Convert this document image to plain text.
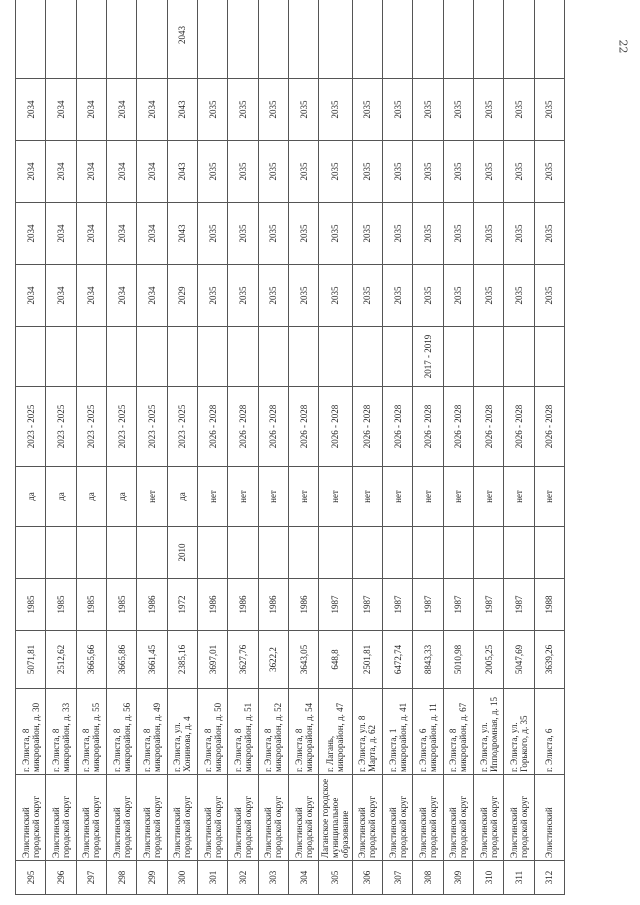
22
295	Элистинский городской округ	г. Элиста, 8 микрорайон, д. 30	5071,81	1985		да	2023 - 2025		2034	2034	2034	2034		
296	Элистинский городской округ	г. Элиста, 8 микрорайон, д. 33	2512,62	1985		да	2023 - 2025		2034	2034	2034	2034		
297	Элистинский городской округ	г. Элиста, 8 микрорайон, д. 55	3665,66	1985		да	2023 - 2025		2034	2034	2034	2034		
298	Элистинский городской округ	г. Элиста, 8 микрорайон, д. 56	3665,86	1985		да	2023 - 2025		2034	2034	2034	2034		
299	Элистинский городской округ	г. Элиста, 8 микрорайон, д. 49	3661,45	1986		нет	2023 - 2025		2034	2034	2034	2034		
300	Элистинский городской округ	г. Элиста, ул. Хонинова, д. 4	2385,16	1972	2010	да	2023 - 2025		2029	2043	2043	2043	2043	
301	Элистинский городской округ	г. Элиста, 8 микрорайон, д. 50	3697,01	1986		нет	2026 - 2028		2035	2035	2035	2035		
302	Элистинский городской округ	г. Элиста, 8 микрорайон, д. 51	3627,76	1986		нет	2026 - 2028		2035	2035	2035	2035		
303	Элистинский городской округ	г. Элиста, 8 микрорайон, д. 52	3622,2	1986		нет	2026 - 2028		2035	2035	2035	2035		
304	Элистинский городской округ	г. Элиста, 8 микрорайон, д. 54	3643,05	1986		нет	2026 - 2028		2035	2035	2035	2035		
305	Лаганское городское муниципальное образование	г. Лагань, микрорайон, д. 47	648,8	1987		нет	2026 - 2028		2035	2035	2035	2035		
306	Элистинский городской округ	г. Элиста, ул. 8 Марта, д. 62	2501,81	1987		нет	2026 - 2028		2035	2035	2035	2035		
307	Элистинский городской округ	г. Элиста, 1 микрорайон, д. 41	6472,74	1987		нет	2026 - 2028		2035	2035	2035	2035		
308	Элистинский городской округ	г. Элиста, 6 микрорайон, д. 11	8843,33	1987		нет	2026 - 2028	2017 - 2019	2035	2035	2035	2035		
309	Элистинский городской округ	г. Элиста, 8 микрорайон, д. 67	5010,98	1987		нет	2026 - 2028		2035	2035	2035	2035		
310	Элистинский городской округ	г. Элиста, ул. Ипподромная, д. 15	2005,25	1987		нет	2026 - 2028		2035	2035	2035	2035		
311	Элистинский городской округ	г. Элиста, ул. Горького, д. 35	5047,69	1987		нет	2026 - 2028		2035	2035	2035	2035		
312	Элистинский	г. Элиста, 6	3639,26	1988		нет	2026 - 2028		2035	2035	2035	2035		
